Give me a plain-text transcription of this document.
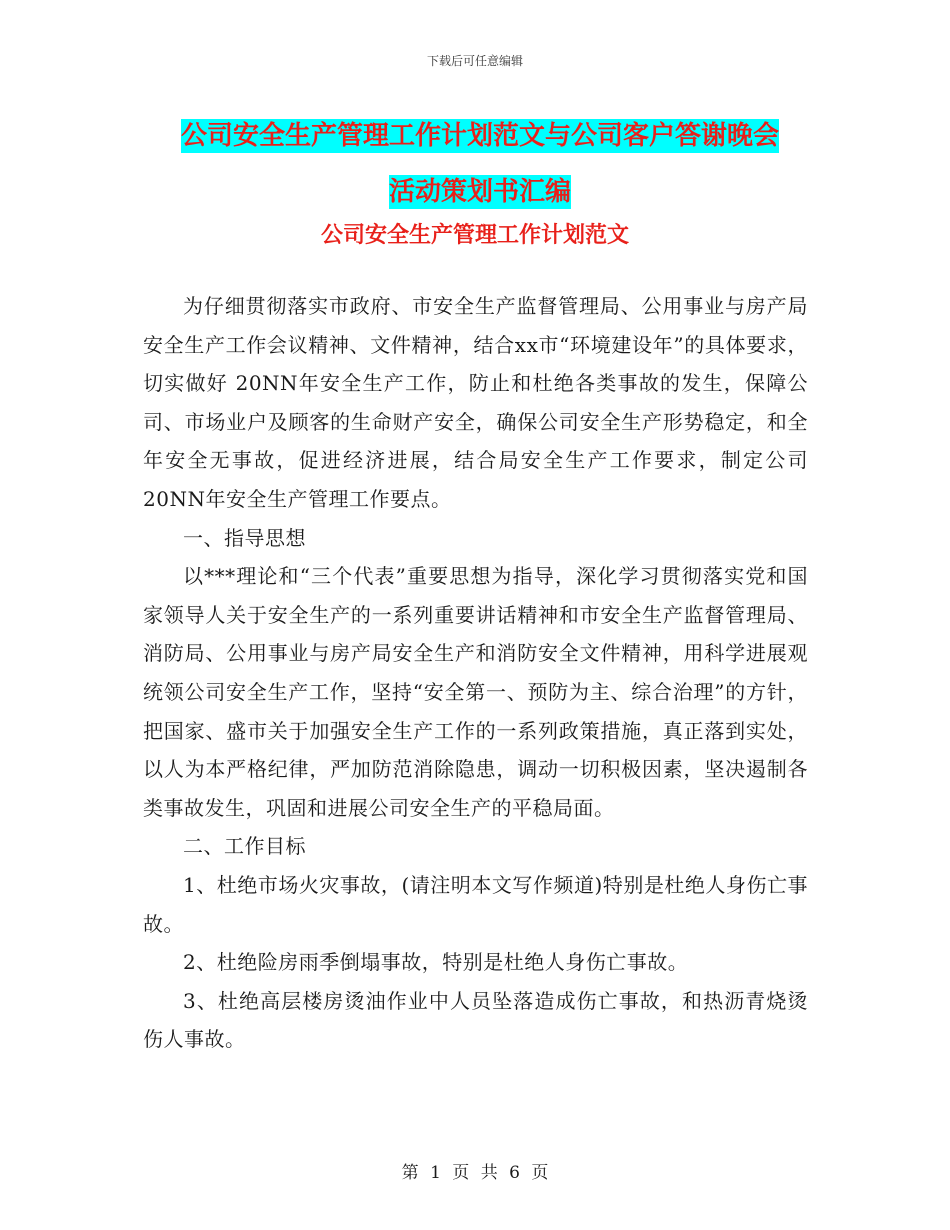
下载后可任意编辑
公司安全生产管理工作计划范文与公司客户答谢晚会
活动策划书汇编
公司安全生产管理工作计划范文

为仔细贯彻落实市政府、市安全生产监督管理局、公用事业与房产局安全生产工作会议精神、文件精神，结合xx市“环境建设年”的具体要求，切实做好 20NN年安全生产工作，防止和杜绝各类事故的发生，保障公司、市场业户及顾客的生命财产安全，确保公司安全生产形势稳定，和全年安全无事故，促进经济进展，结合局安全生产工作要求，制定公司20NN年安全生产管理工作要点。

一、指导思想

以***理论和“三个代表”重要思想为指导，深化学习贯彻落实党和国家领导人关于安全生产的一系列重要讲话精神和市安全生产监督管理局、消防局、公用事业与房产局安全生产和消防安全文件精神，用科学进展观统领公司安全生产工作，坚持“安全第一、预防为主、综合治理”的方针，把国家、盛市关于加强安全生产工作的一系列政策措施，真正落到实处，以人为本严格纪律，严加防范消除隐患，调动一切积极因素，坚决遏制各类事故发生，巩固和进展公司安全生产的平稳局面。

二、工作目标

1、杜绝市场火灾事故，(请注明本文写作频道)特别是杜绝人身伤亡事故。

2、杜绝险房雨季倒塌事故，特别是杜绝人身伤亡事故。

3、杜绝高层楼房烫油作业中人员坠落造成伤亡事故，和热沥青烧烫伤人事故。

第 1 页 共 6 页
